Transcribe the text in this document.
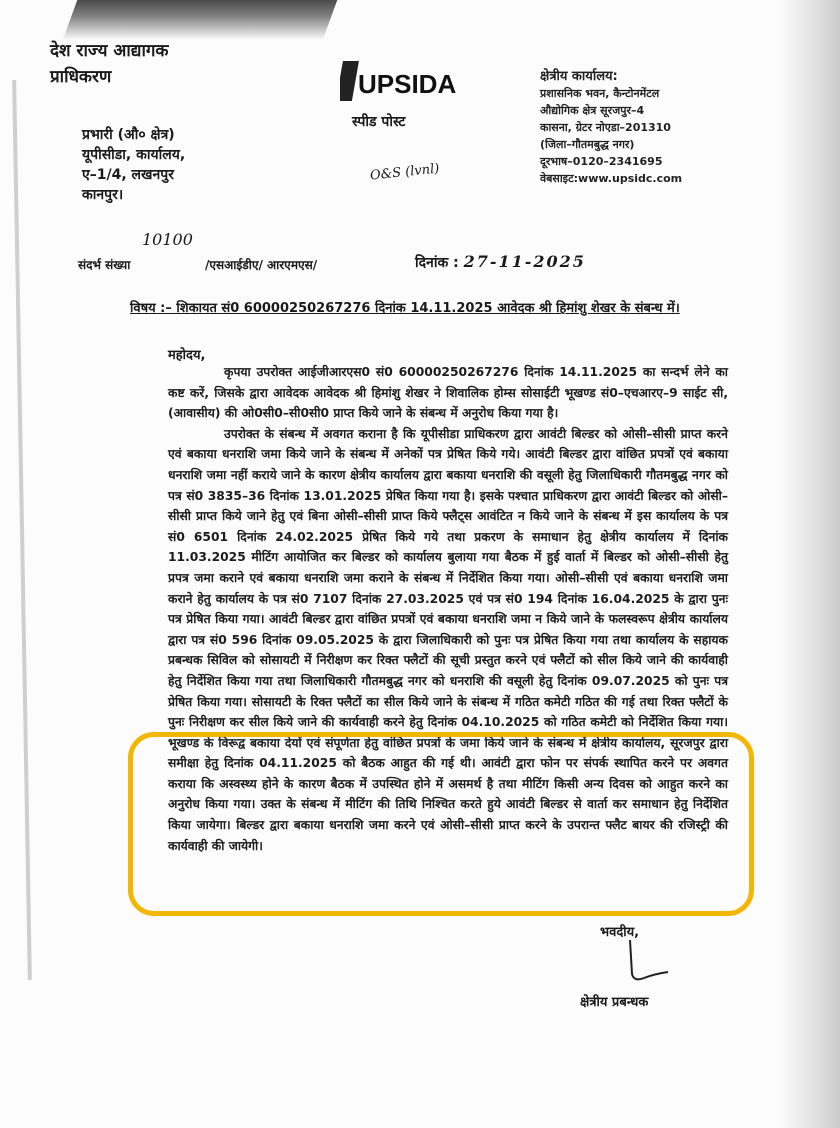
देश राज्य आद्यागक
प्राधिकरण
प्रभारी (औ० क्षेत्र)
यूपीसीडा, कार्यालय,
ए–1/4, लखनपुर
कानपुर।
UPSIDA
स्पीड पोस्ट
O&S (lvnl)
क्षेत्रीय कार्यालय:
प्रशासनिक भवन, कैन्टोनमेंटल
औद्योगिक क्षेत्र सूरजपुर–4
कासना, ग्रेटर नोएडा–201310
(जिला–गौतमबुद्ध नगर)
दूरभाष–0120–2341695
वेबसाइट:www.upsidc.com
10100
संदर्भ संख्या	/एसआईडीए/ आरएमएस/	दिनांक : 27-11-2025
विषय :– शिकायत सं0 60000250267276 दिनांक 14.11.2025 आवेदक श्री हिमांशु शेखर के संबन्ध में।
महोदय,

कृपया उपरोक्त आईजीआरएस0 सं0 60000250267276 दिनांक 14.11.2025 का सन्दर्भ लेने का कष्ट करें, जिसके द्वारा आवेदक आवेदक श्री हिमांशु शेखर ने शिवालिक होम्स सोसाईटी भूखण्ड सं0–एचआरए–9 साईट सी, (आवासीय) की ओ0सी0–सी0सी0 प्राप्त किये जाने के संबन्ध में अनुरोध किया गया है।

उपरोक्त के संबन्ध में अवगत कराना है कि यूपीसीडा प्राधिकरण द्वारा आवंटी बिल्डर को ओसी–सीसी प्राप्त करने एवं बकाया धनराशि जमा किये जाने के संबन्ध में अनेकों पत्र प्रेषित किये गये। आवंटी बिल्डर द्वारा वांछित प्रपत्रों एवं बकाया धनराशि जमा नहीं कराये जाने के कारण क्षेत्रीय कार्यालय द्वारा बकाया धनराशि की वसूली हेतु जिलाधिकारी गौतमबुद्ध नगर को पत्र सं0 3835–36 दिनांक 13.01.2025 प्रेषित किया गया है। इसके पश्चात प्राधिकरण द्वारा आवंटी बिल्डर को ओसी–सीसी प्राप्त किये जाने हेतु एवं बिना ओसी–सीसी प्राप्त किये फ्लैट्स आवंटित न किये जाने के संबन्ध में इस कार्यालय के पत्र सं0 6501 दिनांक 24.02.2025 प्रेषित किये गये तथा प्रकरण के समाधान हेतु क्षेत्रीय कार्यालय में दिनांक 11.03.2025 मीटिंग आयोजित कर बिल्डर को कार्यालय बुलाया गया बैठक में हुई वार्ता में बिल्डर को ओसी–सीसी हेतु प्रपत्र जमा कराने एवं बकाया धनराशि जमा कराने के संबन्ध में निर्देशित किया गया। ओसी–सीसी एवं बकाया धनराशि जमा कराने हेतु कार्यालय के पत्र सं0 7107 दिनांक 27.03.2025 एवं पत्र सं0 194 दिनांक 16.04.2025 के द्वारा पुनः पत्र प्रेषित किया गया। आवंटी बिल्डर द्वारा वांछित प्रपत्रों एवं बकाया धनराशि जमा न किये जाने के फलस्वरूप क्षेत्रीय कार्यालय द्वारा पत्र सं0 596 दिनांक 09.05.2025 के द्वारा जिलाधिकारी को पुनः पत्र प्रेषित किया गया तथा कार्यालय के सहायक प्रबन्धक सिविल को सोसायटी में निरीक्षण कर रिक्त फ्लैटों की सूची प्रस्तुत करने एवं फ्लैटों को सील किये जाने की कार्यवाही हेतु निर्देशित किया गया तथा जिलाधिकारी गौतमबुद्ध नगर को धनराशि की वसूली हेतु दिनांक 09.07.2025 को पुनः पत्र प्रेषित किया गया। सोसायटी के रिक्त फ्लैटों का सील किये जाने के संबन्ध में गठित कमेटी गठित की गई तथा रिक्त फ्लैटों के पुनः निरीक्षण कर सील किये जाने की कार्यवाही करने हेतु दिनांक 04.10.2025 को गठित कमेटी को निर्देशित किया गया। भूखण्ड के विरूद्व बकाया देयों एवं संपूर्णता हेतु वांछित प्रपत्रों के जमा किये जाने के संबन्ध में क्षेत्रीय कार्यालय, सूरजपुर द्वारा समीक्षा हेतु दिनांक 04.11.2025 को बैठक आहुत की गई थी। आवंटी द्वारा फोन पर संपर्क स्थापित करने पर अवगत कराया कि अस्वस्थ्य होने के कारण बैठक में उपस्थित होने में असमर्थ है तथा मीटिंग किसी अन्य दिवस को आहुत करने का अनुरोध किया गया। उक्त के संबन्ध में मीटिंग की तिथि निश्चित करते हुये आवंटी बिल्डर से वार्ता कर समाधान हेतु निर्देशित किया जायेगा। बिल्डर द्वारा बकाया धनराशि जमा करने एवं ओसी–सीसी प्राप्त करने के उपरान्त फ्लैट बायर की रजिस्ट्री की कार्यवाही की जायेगी।

भवदीय,
क्षेत्रीय प्रबन्धक
